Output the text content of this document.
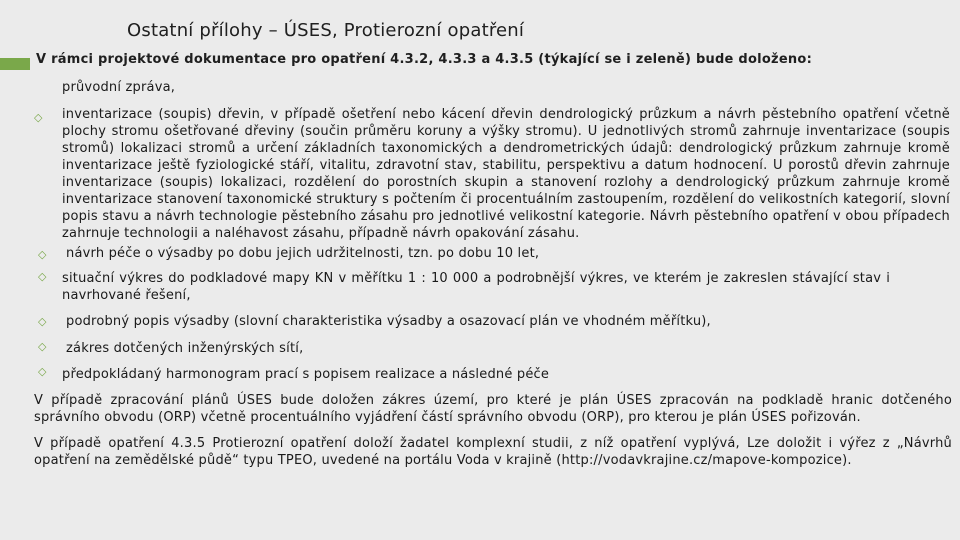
Ostatní přílohy – ÚSES, Protierozní opatření
V rámci projektové dokumentace pro opatření 4.3.2, 4.3.3 a 4.3.5 (týkající se i zeleně) bude doloženo:
průvodní zpráva,
◇ inventarizace (soupis) dřevin, v případě ošetření nebo kácení dřevin dendrologický průzkum a návrh pěstebního opatření včetně plochy stromu ošetřované dřeviny (součin průměru koruny a výšky stromu). U jednotlivých stromů zahrnuje inventarizace (soupis stromů) lokalizaci stromů a určení základních taxonomických a dendrometrických údajů: dendrologický průzkum zahrnuje kromě inventarizace ještě fyziologické stáří, vitalitu, zdravotní stav, stabilitu, perspektivu a datum hodnocení. U porostů dřevin zahrnuje inventarizace (soupis) lokalizaci, rozdělení do porostních skupin a stanovení rozlohy a dendrologický průzkum zahrnuje kromě inventarizace stanovení taxonomické struktury s počtením či procentuálním zastoupením, rozdělení do velikostních kategorií, slovní popis stavu a návrh technologie pěstebního zásahu pro jednotlivé velikostní kategorie. Návrh pěstebního opatření v obou případech zahrnuje technologii a naléhavost zásahu, případně návrh opakování zásahu.
◇ návrh péče o výsadby po dobu jejich udržitelnosti, tzn. po dobu 10 let,
◇ situační výkres do podkladové mapy KN v měřítku 1 : 10 000 a podrobnější výkres, ve kterém je zakreslen stávající stav i navrhované řešení,
◇ podrobný popis výsadby (slovní charakteristika výsadby a osazovací plán ve vhodném měřítku),
◇ zákres dotčených inženýrských sítí,
◇ předpokládaný harmonogram prací s popisem realizace a následné péče
V případě zpracování plánů ÚSES bude doložen zákres území, pro které je plán ÚSES zpracován na podkladě hranic dotčeného správního obvodu (ORP) včetně procentuálního vyjádření částí správního obvodu (ORP), pro kterou je plán ÚSES pořizován.
V případě opatření 4.3.5 Protierozní opatření doloží žadatel komplexní studii, z níž opatření vyplývá, Lze doložit i výřez z „Návrhů opatření na zemědělské půdě“ typu TPEO, uvedené na portálu Voda v krajině (http://vodavkrajine.cz/mapove-kompozice).
